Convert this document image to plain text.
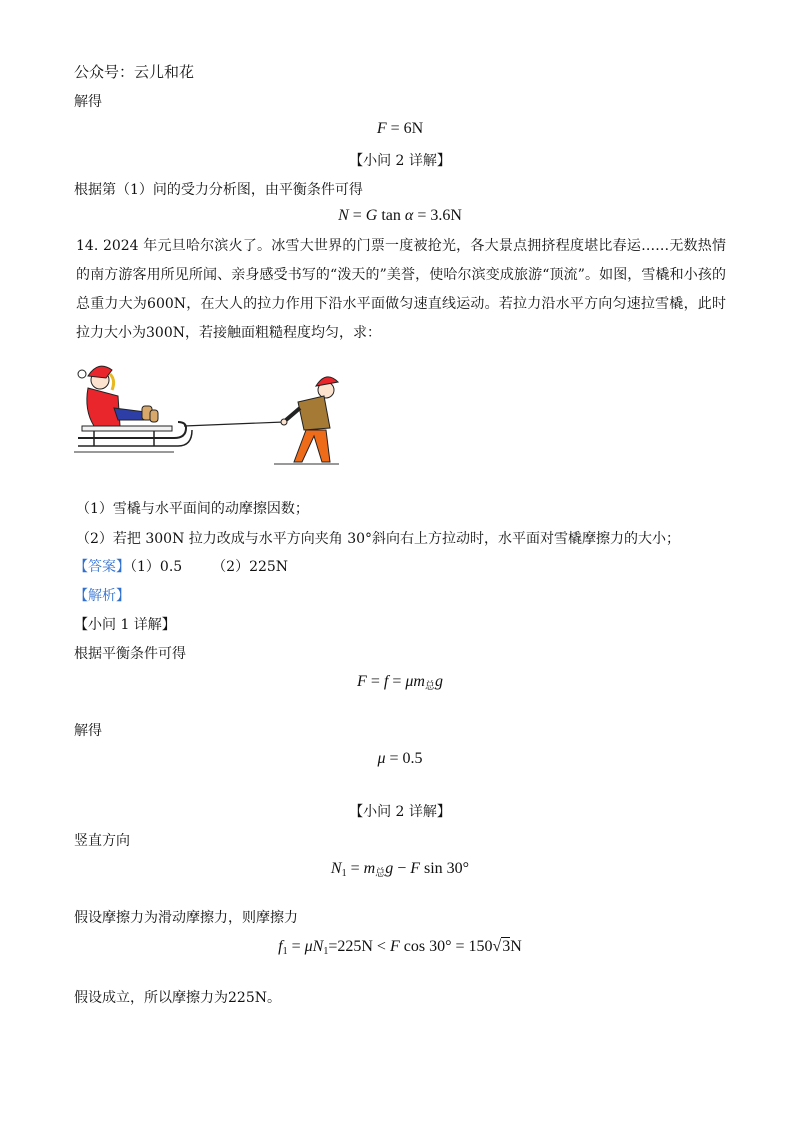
公众号：云儿和花
解得
F = 6N
【小问 2 详解】
根据第（1）问的受力分析图，由平衡条件可得
N = G tan α = 3.6N
14. 2024 年元旦哈尔滨火了。冰雪大世界的门票一度被抢光，各大景点拥挤程度堪比春运……无数热情的南方游客用所见所闻、亲身感受书写的“泼天的”美誉，使哈尔滨变成旅游“顶流”。如图，雪橇和小孩的总重力大为600N，在大人的拉力作用下沿水平面做匀速直线运动。若拉力沿水平方向匀速拉雪橇，此时拉力大小为300N，若接触面粗糙程度均匀，求：
（1）雪橇与水平面间的动摩擦因数；
（2）若把 300N 拉力改成与水平方向夹角 30°斜向右上方拉动时，水平面对雪橇摩擦力的大小；
【答案】（1）0.5 （2）225N
【解析】
【小问 1 详解】
根据平衡条件可得
$F = f = \mu m_总g$
解得
μ = 0.5
【小问 2 详解】
竖直方向
$N_1 = m_总g - F$ sin 30°
假设摩擦力为滑动摩擦力，则摩擦力
$f_1 = \mu N_1=225N < F$ cos 30° = 150√3N
假设成立，所以摩擦力为225N。
